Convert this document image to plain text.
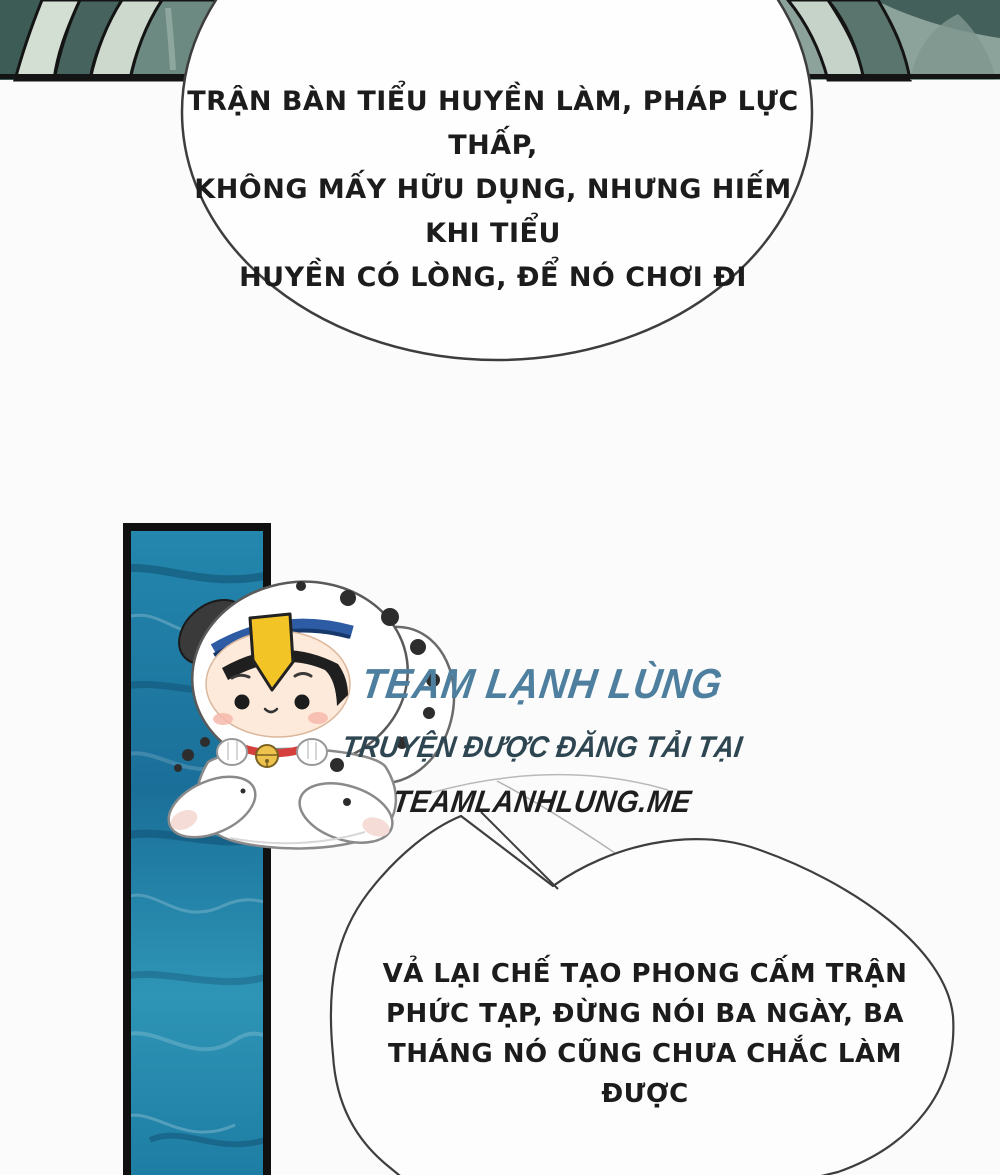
TRẬN BÀN TIỂU HUYỀN LÀM, PHÁP LỰC THẤP,
KHÔNG MẤY HỮU DỤNG, NHƯNG HIẾM KHI TIỂU
HUYỀN CÓ LÒNG, ĐỂ NÓ CHƠI ĐI
TEAM LẠNH LÙNG
TRUYỆN ĐƯỢC ĐĂNG TẢI TẠI
TEAMLANHLUNG.ME
VẢ LẠI CHẾ TẠO PHONG CẤM TRẬN
PHỨC TẠP, ĐỪNG NÓI BA NGÀY, BA
THÁNG NÓ CŨNG CHƯA CHẮC LÀM
ĐƯỢC
